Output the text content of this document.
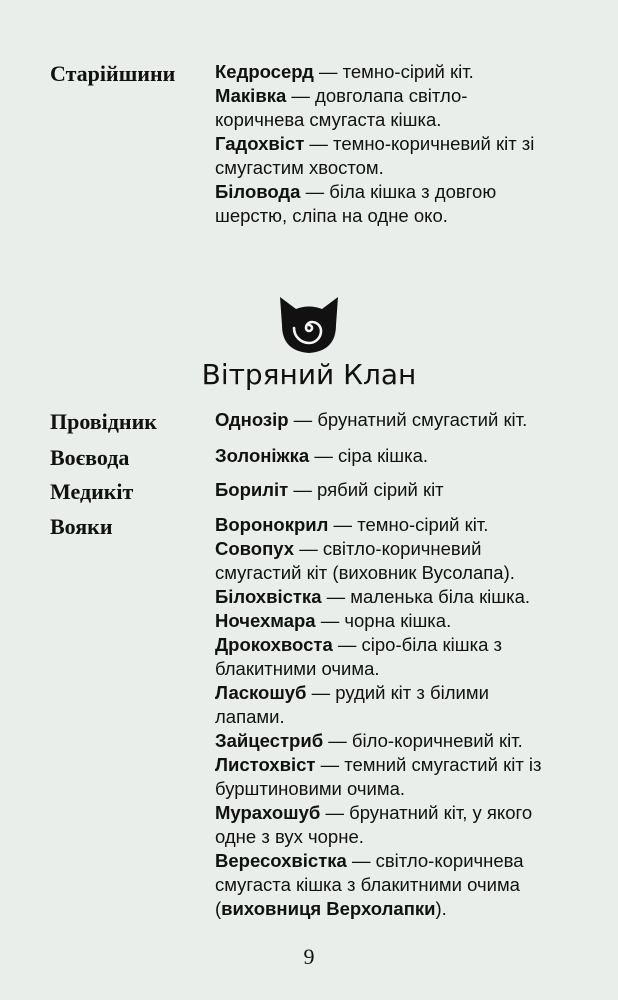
Старійшини	Кедросерд — темно-сірий кіт.
Маківка — довголапа світло-коричнева смугаста кішка.
Гадохвіст — темно-коричневий кіт зі смугастим хвостом.
Біловода — біла кішка з довгою шерстю, сліпа на одне око.
Вітряний Клан
Провідник	Однозір — брунатний смугастий кіт.
Воєвода	Золоніжка — сіра кішка.
Медикіт	Бориліт — рябий сірий кіт
Вояки	Воронокрил — темно-сірий кіт.
Совопух — світло-коричневий смугастий кіт (виховник Вусолапа).
Білохвістка — маленька біла кішка.
Ночехмара — чорна кішка.
Дрокохвоста — сіро-біла кішка з блакитними очима.
Ласкошуб — рудий кіт з білими лапами.
Зайцестриб — біло-коричневий кіт.
Листохвіст — темний смугастий кіт із бурштиновими очима.
Мурахошуб — брунатний кіт, у якого одне з вух чорне.
Вересохвістка — світло-коричнева смугаста кішка з блакитними очима (виховниця Верхолапки).
9
